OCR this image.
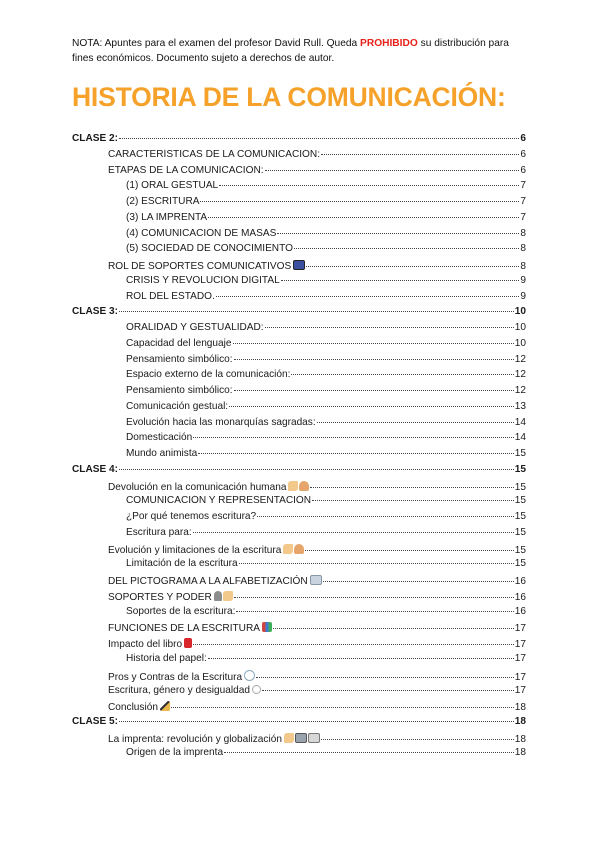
NOTA: Apuntes para el examen del profesor David Rull. Queda PROHIBIDO su distribución para fines económicos. Documento sujeto a derechos de autor.
HISTORIA DE LA COMUNICACIÓN:
CLASE 2:	6
CARACTERÍSTICAS DE LA COMUNICACIÓN:	6
ETAPAS DE LA COMUNICACIÓN:	6
(1) ORAL GESTUAL	7
(2) ESCRITURA	7
(3) LA IMPRENTA	7
(4) COMUNICACIÓN DE MASAS	8
(5) SOCIEDAD DE CONOCIMIENTO	8
ROL DE SOPORTES COMUNICATIVOS	8
CRISIS Y REVOLUCIÓN DIGITAL	9
ROL DEL ESTADO.	9
CLASE 3:	10
ORALIDAD Y GESTUALIDAD:	10
Capacidad del lenguaje	10
Pensamiento simbólico:	12
Espacio externo de la comunicación:	12
Pensamiento simbólico:	12
Comunicación gestual:	13
Evolución hacia las monarquías sagradas:	14
Domesticación	14
Mundo animista	15
CLASE 4:	15
Devolución en la comunicación humana	15
COMUNICACIÓN Y REPRESENTACIÓN	15
¿Por qué tenemos escritura?	15
Escritura para:	15
Evolución y limitaciones de la escritura	15
Limitación de la escritura	15
DEL PICTOGRAMA A LA ALFABETIZACIÓN	16
SOPORTES Y PODER	16
Soportes de la escritura:	16
FUNCIONES DE LA ESCRITURA	17
Impacto del libro	17
Historia del papel:	17
Pros y Contras de la Escritura	17
Escritura, género y desigualdad	17
Conclusión	18
CLASE 5:	18
La imprenta: revolución y globalización	18
Origen de la imprenta	18
